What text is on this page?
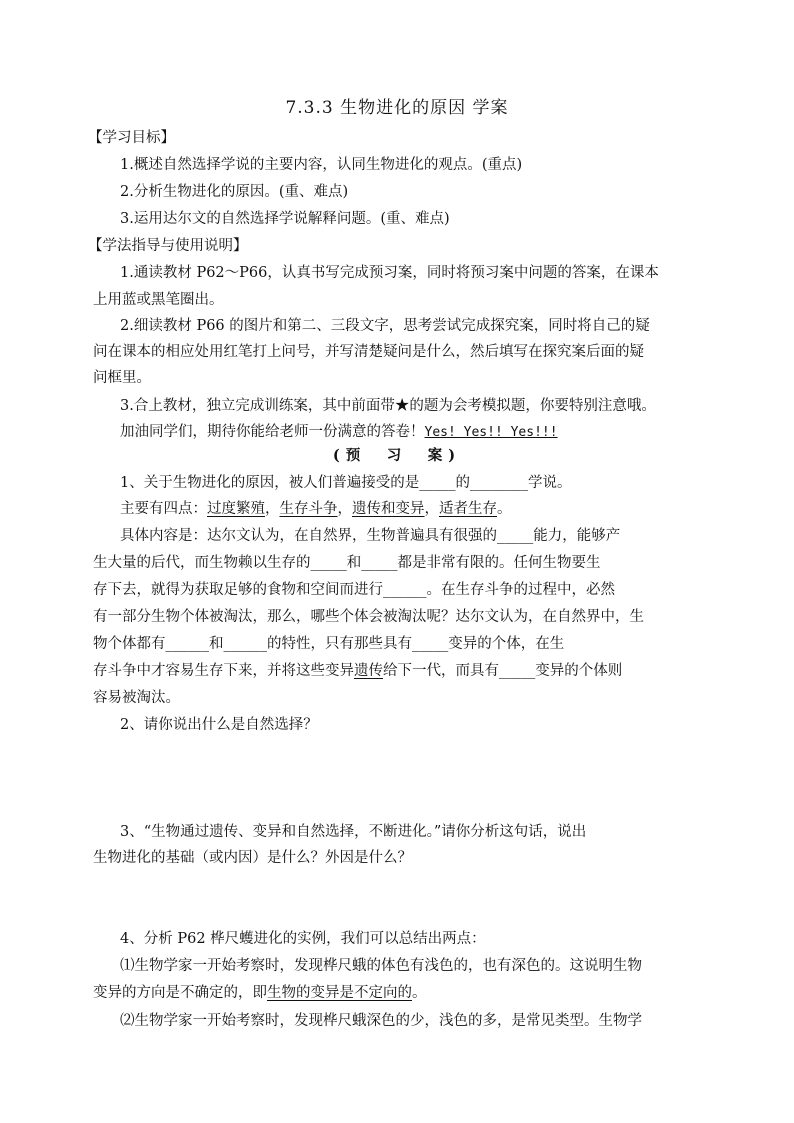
7.3.3 生物进化的原因 学案
【学习目标】
1.概述自然选择学说的主要内容，认同生物进化的观点。(重点)
2.分析生物进化的原因。(重、难点)
3.运用达尔文的自然选择学说解释问题。(重、难点)
【学法指导与使用说明】
1.通读教材 P62～P66，认真书写完成预习案，同时将预习案中问题的答案，在课本
上用蓝或黑笔圈出。
2.细读教材 P66 的图片和第二、三段文字，思考尝试完成探究案，同时将自己的疑
问在课本的相应处用红笔打上问号，并写清楚疑问是什么，然后填写在探究案后面的疑
问框里。
3.合上教材，独立完成训练案，其中前面带★的题为会考模拟题，你要特别注意哦。
加油同学们，期待你能给老师一份满意的答卷！Yes! Yes!! Yes!!!
(预　习　案)
1、关于生物进化的原因，被人们普遍接受的是_____的________学说。
主要有四点：过度繁殖，生存斗争，遗传和变异，适者生存。
具体内容是：达尔文认为，在自然界，生物普遍具有很强的_____能力，能够产
生大量的后代，而生物赖以生存的_____和_____都是非常有限的。任何生物要生
存下去，就得为获取足够的食物和空间而进行______。在生存斗争的过程中，必然
有一部分生物个体被淘汰，那么，哪些个体会被淘汰呢？达尔文认为，在自然界中，生
物个体都有______和______的特性，只有那些具有_____变异的个体，在生
存斗争中才容易生存下来，并将这些变异遗传给下一代，而具有_____变异的个体则
容易被淘汰。
2、请你说出什么是自然选择？
3、“生物通过遗传、变异和自然选择，不断进化。”请你分析这句话，说出
生物进化的基础（或内因）是什么？外因是什么？
4、分析 P62 桦尺蠖进化的实例，我们可以总结出两点：
⑴生物学家一开始考察时，发现桦尺蛾的体色有浅色的，也有深色的。这说明生物
变异的方向是不确定的，即生物的变异是不定向的。
⑵生物学家一开始考察时，发现桦尺蛾深色的少，浅色的多，是常见类型。生物学
